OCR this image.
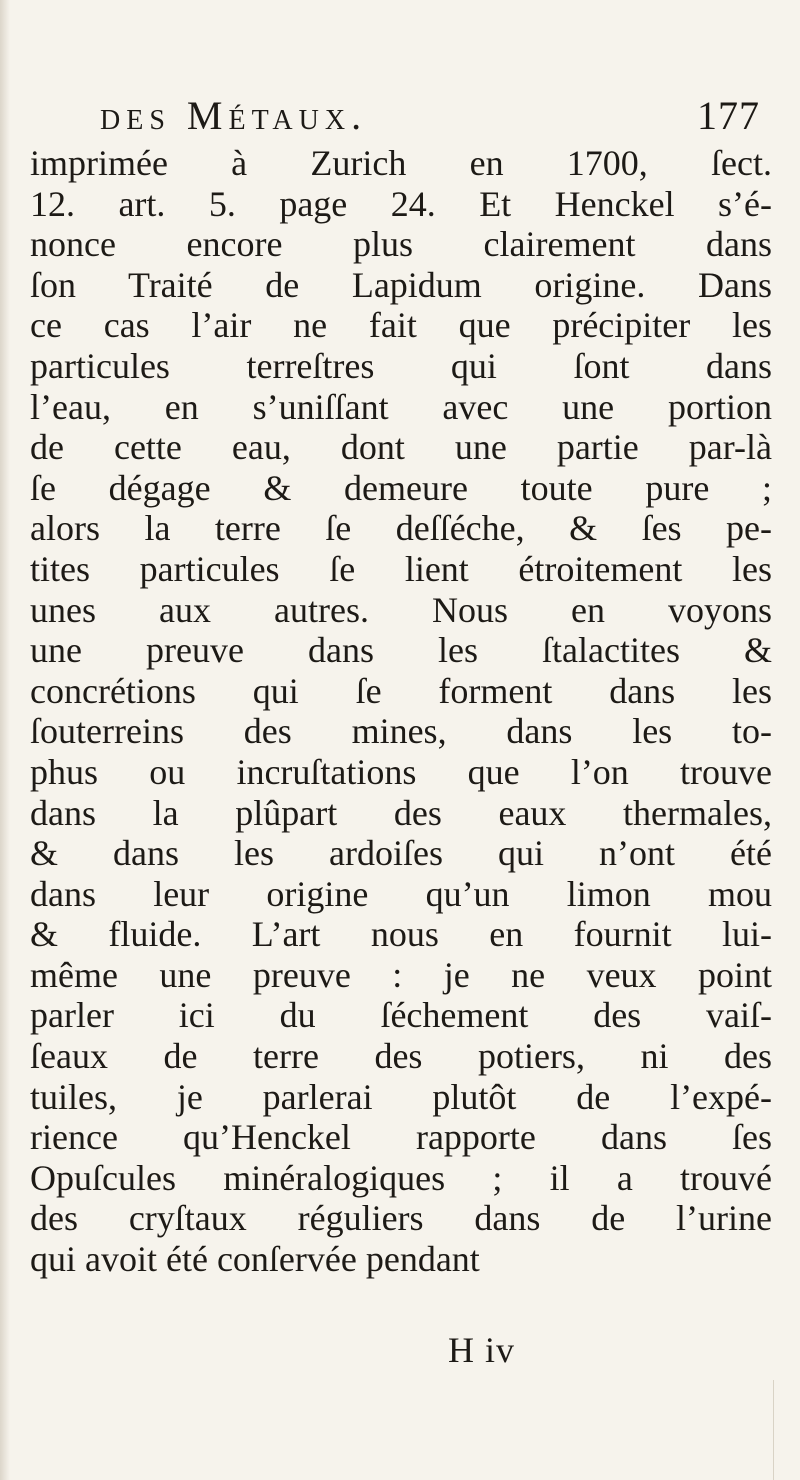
des Métaux.	177
imprimée à Zurich en 1700, ſect.
12. art. 5. page 24. Et Henckel s’é-
nonce encore plus clairement dans
ſon Traité de Lapidum origine. Dans
ce cas l’air ne fait que précipiter les
particules terreſtres qui ſont dans
l’eau, en s’uniſſant avec une portion
de cette eau, dont une partie par-là
ſe dégage & demeure toute pure ;
alors la terre ſe deſſéche, & ſes pe-
tites particules ſe lient étroitement les
unes aux autres. Nous en voyons
une preuve dans les ſtalactites &
concrétions qui ſe forment dans les
ſouterreins des mines, dans les to-
phus ou incruſtations que l’on trouve
dans la plûpart des eaux thermales,
& dans les ardoiſes qui n’ont été
dans leur origine qu’un limon mou
& fluide. L’art nous en fournit lui-
même une preuve : je ne veux point
parler ici du ſéchement des vaiſ-
ſeaux de terre des potiers, ni des
tuiles, je parlerai plutôt de l’expé-
rience qu’Henckel rapporte dans ſes
Opuſcules minéralogiques ; il a trouvé
des cryſtaux réguliers dans de l’urine
qui avoit été conſervée pendant
H iv
